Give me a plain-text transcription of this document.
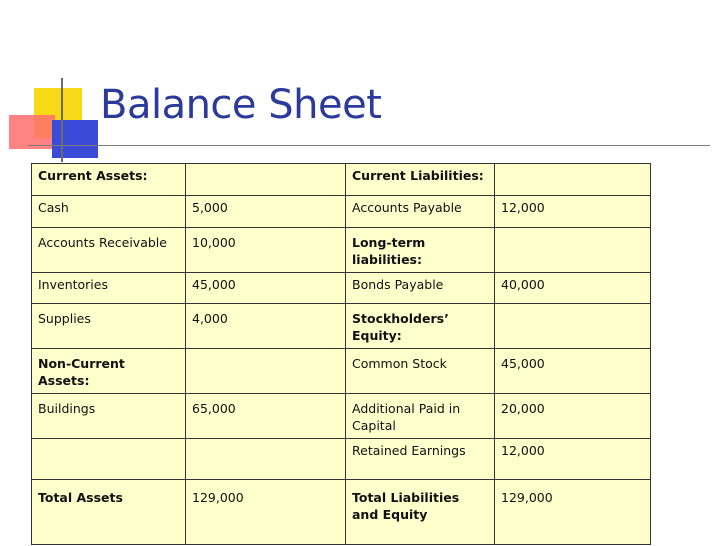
Balance Sheet
Current Assets:		Current Liabilities:	
Cash	5,000	Accounts Payable	12,000
Accounts Receivable	10,000	Long-term liabilities:	
Inventories	45,000	Bonds Payable	40,000
Supplies	4,000	Stockholders’ Equity:	
Non-Current Assets:		Common Stock	45,000
Buildings	65,000	Additional Paid in Capital	20,000
		Retained Earnings	12,000
Total Assets	129,000	Total Liabilities and Equity	129,000
